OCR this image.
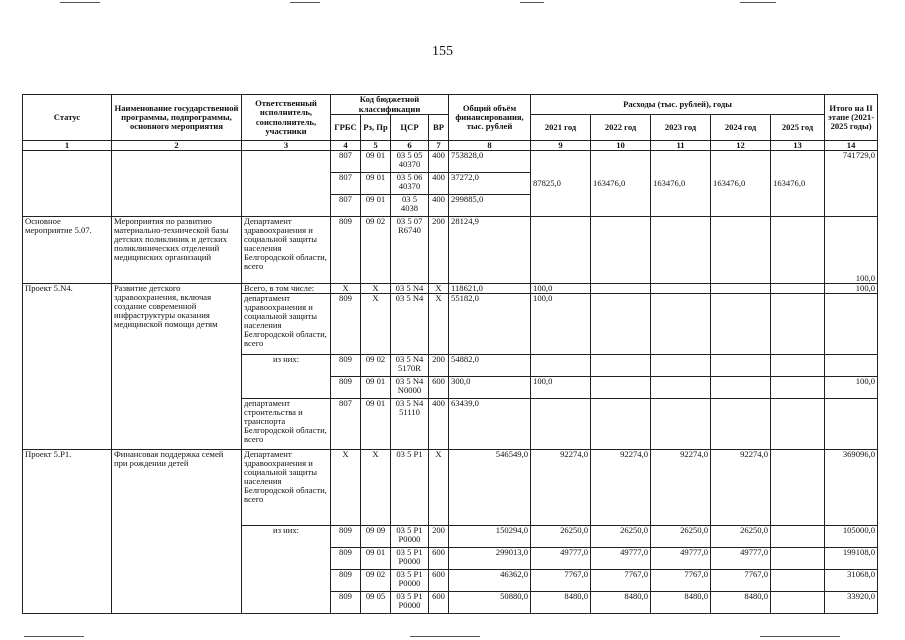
155
Статус	Наименование государственной программы, подпрограммы, основного мероприятия	Ответственный исполнитель, соисполнитель, участники	Код бюджетной классификации				Общий объём финансирования, тыс. рублей	Расходы (тыс. рублей), годы					Итого на II этапе (2021-2025 годы)
			ГРБС	Рз, Пр	ЦСР	ВР		2021 год	2022 год	2023 год	2024 год	2025 год	
1	2	3	4	5	6	7	8	9	10	11	12	13	14
			807	09 01	03 5 05 40370	400	753828,0	87825,0	163476,0	163476,0	163476,0	163476,0	741729,0
			807	09 01	03 5 06 40370	400	37272,0						
			807	09 01	03 5 4038	400	299885,0						
Основное мероприятие 5.07.	Мероприятия по развитию материально-технической базы детских поликлиник и детских поликлинических отделений медицинских организаций	Департамент здравоохранения и социальной защиты населения Белгородской области, всего	809	09 02	03 5 07 R6740	200	28124,9						100,0
Проект 5.N4.	Развитие детского здравоохранения, включая создание современной инфраструктуры оказания медицинской помощи детям	Всего, в том числе:	X	X	03 5 N4	X	118621,0	100,0					100,0
		департамент здравоохранения и социальной защиты населения Белгородской области, всего	809	X	03 5 N4	X	55182,0	100,0					
		из них:	809	09 02	03 5 N4 5170R	200	54882,0						
			809	09 01	03 5 N4 N0000	600	300,0	100,0					100,0
		департамент строительства и транспорта Белгородской области, всего	807	09 01	03 5 N4 51110	400	63439,0						
Проект 5.P1.	Финансовая поддержка семей при рождении детей	Департамент здравоохранения и социальной защиты населения Белгородской области, всего	X	X	03 5 P1	X	546549,0	92274,0	92274,0	92274,0	92274,0		369096,0
		из них:	809	09 09	03 5 P1 P0000	200	150294,0	26250,0	26250,0	26250,0	26250,0		105000,0
			809	09 01	03 5 P1 P0000	600	299013,0	49777,0	49777,0	49777,0	49777,0		199108,0
			809	09 02	03 5 P1 P0000	600	46362,0	7767,0	7767,0	7767,0	7767,0		31068,0
			809	09 05	03 5 P1 P0000	600	50880,0	8480,0	8480,0	8480,0	8480,0		33920,0
